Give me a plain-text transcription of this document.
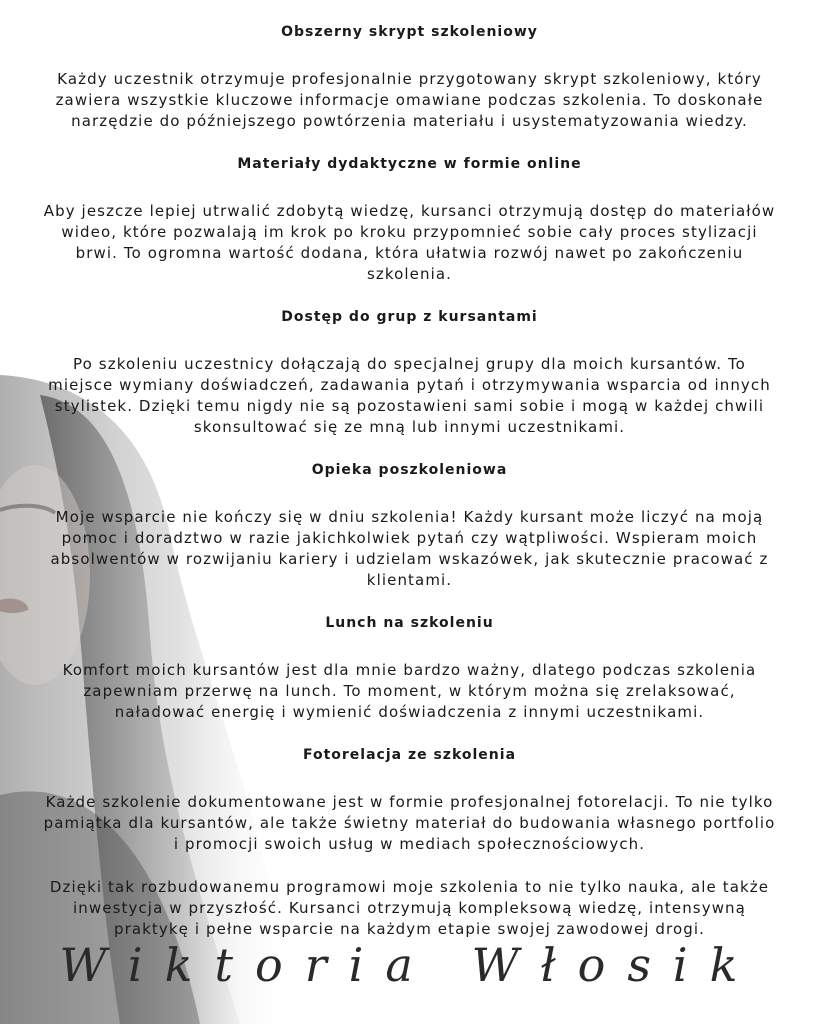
Obszerny skrypt szkoleniowy
Każdy uczestnik otrzymuje profesjonalnie przygotowany skrypt szkoleniowy, który zawiera wszystkie kluczowe informacje omawiane podczas szkolenia. To doskonałe narzędzie do późniejszego powtórzenia materiału i usystematyzowania wiedzy.
Materiały dydaktyczne w formie online
Aby jeszcze lepiej utrwalić zdobytą wiedzę, kursanci otrzymują dostęp do materiałów wideo, które pozwalają im krok po kroku przypomnieć sobie cały proces stylizacji brwi. To ogromna wartość dodana, która ułatwia rozwój nawet po zakończeniu szkolenia.
Dostęp do grup z kursantami
Po szkoleniu uczestnicy dołączają do specjalnej grupy dla moich kursantów. To miejsce wymiany doświadczeń, zadawania pytań i otrzymywania wsparcia od innych stylistek. Dzięki temu nigdy nie są pozostawieni sami sobie i mogą w każdej chwili skonsultować się ze mną lub innymi uczestnikami.
Opieka poszkoleniowa
Moje wsparcie nie kończy się w dniu szkolenia! Każdy kursant może liczyć na moją pomoc i doradztwo w razie jakichkolwiek pytań czy wątpliwości. Wspieram moich absolwentów w rozwijaniu kariery i udzielam wskazówek, jak skutecznie pracować z klientami.
Lunch na szkoleniu
Komfort moich kursantów jest dla mnie bardzo ważny, dlatego podczas szkolenia zapewniam przerwę na lunch. To moment, w którym można się zrelaksować, naładować energię i wymienić doświadczenia z innymi uczestnikami.
Fotorelacja ze szkolenia
Każde szkolenie dokumentowane jest w formie profesjonalnej fotorelacji. To nie tylko pamiątka dla kursantów, ale także świetny materiał do budowania własnego portfolio i promocji swoich usług w mediach społecznościowych.
Dzięki tak rozbudowanemu programowi moje szkolenia to nie tylko nauka, ale także inwestycja w przyszłość. Kursanci otrzymują kompleksową wiedzę, intensywną praktykę i pełne wsparcie na każdym etapie swojej zawodowej drogi.
Wiktoria Włosik
